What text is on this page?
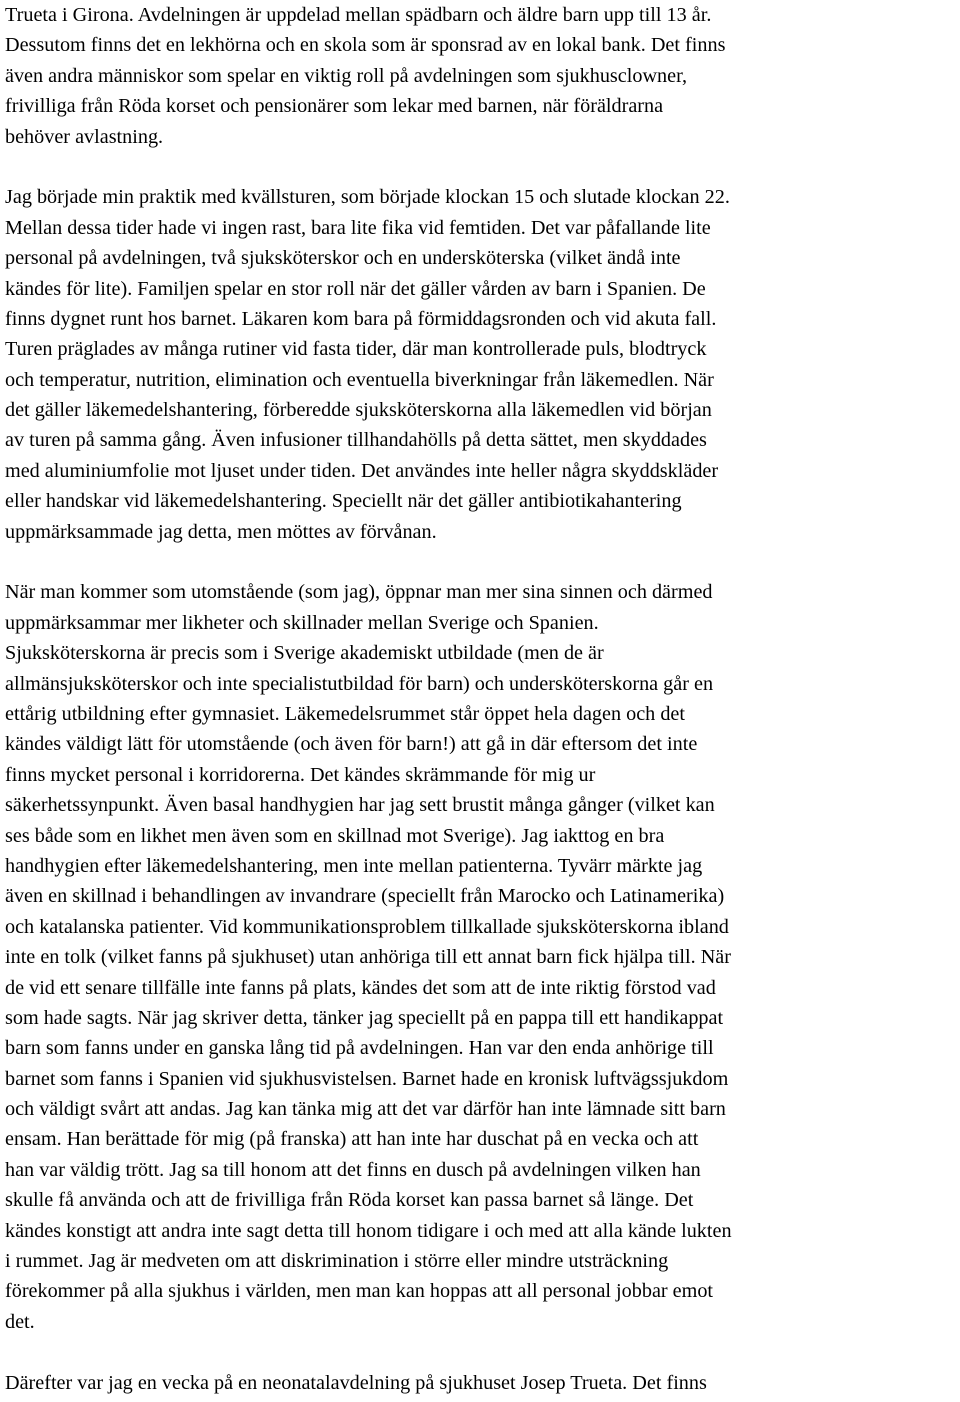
Trueta i Girona. Avdelningen är uppdelad mellan spädbarn och äldre barn upp till 13 år.
Dessutom finns det en lekhörna och en skola som är sponsrad av en lokal bank. Det finns
även andra människor som spelar en viktig roll på avdelningen som sjukhusclowner,
frivilliga från Röda korset och pensionärer som lekar med barnen, när föräldrarna
behöver avlastning.
Jag började min praktik med kvällsturen, som började klockan 15 och slutade klockan 22.
Mellan dessa tider hade vi ingen rast, bara lite fika vid femtiden. Det var påfallande lite
personal på avdelningen, två sjuksköterskor och en undersköterska (vilket ändå inte
kändes för lite). Familjen spelar en stor roll när det gäller vården av barn i Spanien. De
finns dygnet runt hos barnet. Läkaren kom bara på förmiddagsronden och vid akuta fall.
Turen präglades av många rutiner vid fasta tider, där man kontrollerade puls, blodtryck
och temperatur, nutrition, elimination och eventuella biverkningar från läkemedlen. När
det gäller läkemedelshantering, förberedde sjuksköterskorna alla läkemedlen vid början
av turen på samma gång. Även infusioner tillhandahölls på detta sättet, men skyddades
med aluminiumfolie mot ljuset under tiden. Det användes inte heller några skyddskläder
eller handskar vid läkemedelshantering. Speciellt när det gäller antibiotikahantering
uppmärksammade jag detta, men möttes av förvånan.
När man kommer som utomstående (som jag), öppnar man mer sina sinnen och därmed
uppmärksammar mer likheter och skillnader mellan Sverige och Spanien.
Sjuksköterskorna är precis som i Sverige akademiskt utbildade (men de är
allmänsjuksköterskor och inte specialistutbildad för barn) och undersköterskorna går en
ettårig utbildning efter gymnasiet. Läkemedelsrummet står öppet hela dagen och det
kändes väldigt lätt för utomstående (och även för barn!) att gå in där eftersom det inte
finns mycket personal i korridorerna. Det kändes skrämmande för mig ur
säkerhetssynpunkt. Även basal handhygien har jag sett brustit många gånger (vilket kan
ses både som en likhet men även som en skillnad mot Sverige). Jag iakttog en bra
handhygien efter läkemedelshantering, men inte mellan patienterna. Tyvärr märkte jag
även en skillnad i behandlingen av invandrare (speciellt från Marocko och Latinamerika)
och katalanska patienter. Vid kommunikationsproblem tillkallade sjuksköterskorna ibland
inte en tolk (vilket fanns på sjukhuset) utan anhöriga till ett annat barn fick hjälpa till. När
de vid ett senare tillfälle inte fanns på plats, kändes det som att de inte riktig förstod vad
som hade sagts. När jag skriver detta, tänker jag speciellt på en pappa till ett handikappat
barn som fanns under en ganska lång tid på avdelningen. Han var den enda anhörige till
barnet som fanns i Spanien vid sjukhusvistelsen. Barnet hade en kronisk luftvägssjukdom
och väldigt svårt att andas. Jag kan tänka mig att det var därför han inte lämnade sitt barn
ensam. Han berättade för mig (på franska) att han inte har duschat på en vecka och att
han var väldig trött. Jag sa till honom att det finns en dusch på avdelningen vilken han
skulle få använda och att de frivilliga från Röda korset kan passa barnet så länge. Det
kändes konstigt att andra inte sagt detta till honom tidigare i och med att alla kände lukten
i rummet. Jag är medveten om att diskrimination i större eller mindre utsträckning
förekommer på alla sjukhus i världen, men man kan hoppas att all personal jobbar emot
det.
Därefter var jag en vecka på en neonatalavdelning på sjukhuset Josep Trueta. Det finns
